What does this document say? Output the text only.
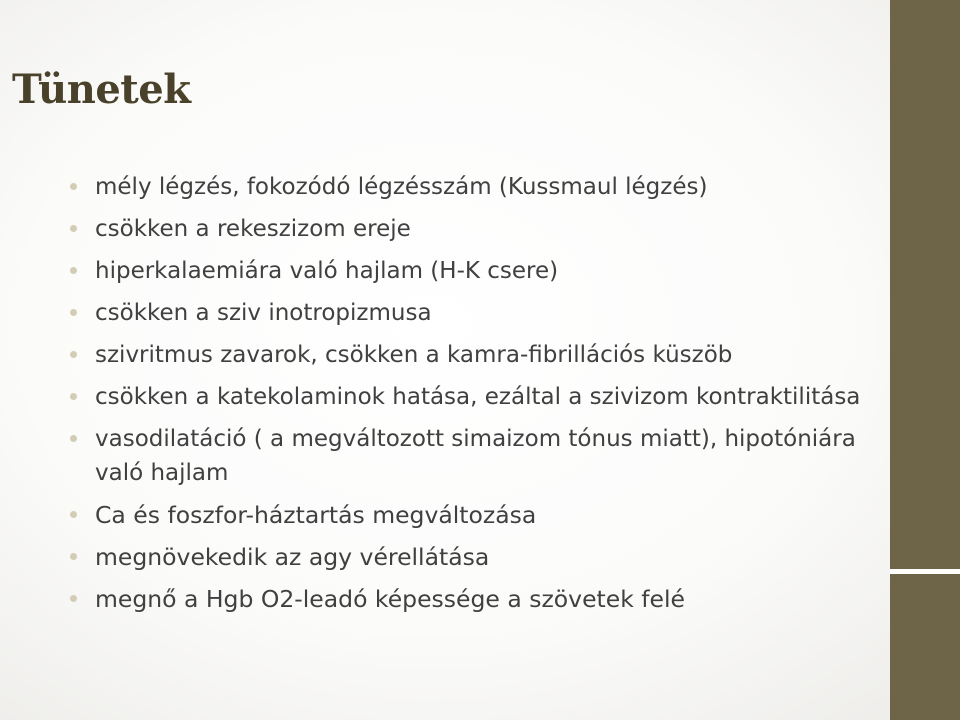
Tünetek
mély légzés, fokozódó légzésszám (Kussmaul légzés)
csökken a rekeszizom ereje
hiperkalaemiára való hajlam (H-K csere)
csökken a sziv inotropizmusa
szivritmus zavarok, csökken a kamra-fibrillációs küszöb
csökken a katekolaminok hatása, ezáltal a szivizom kontraktilitása
vasodilatáció ( a megváltozott simaizom tónus miatt), hipotóniára való hajlam
Ca és foszfor-háztartás megváltozása
megnövekedik az agy vérellátása
megnő a Hgb O2-leadó képessége a szövetek felé
